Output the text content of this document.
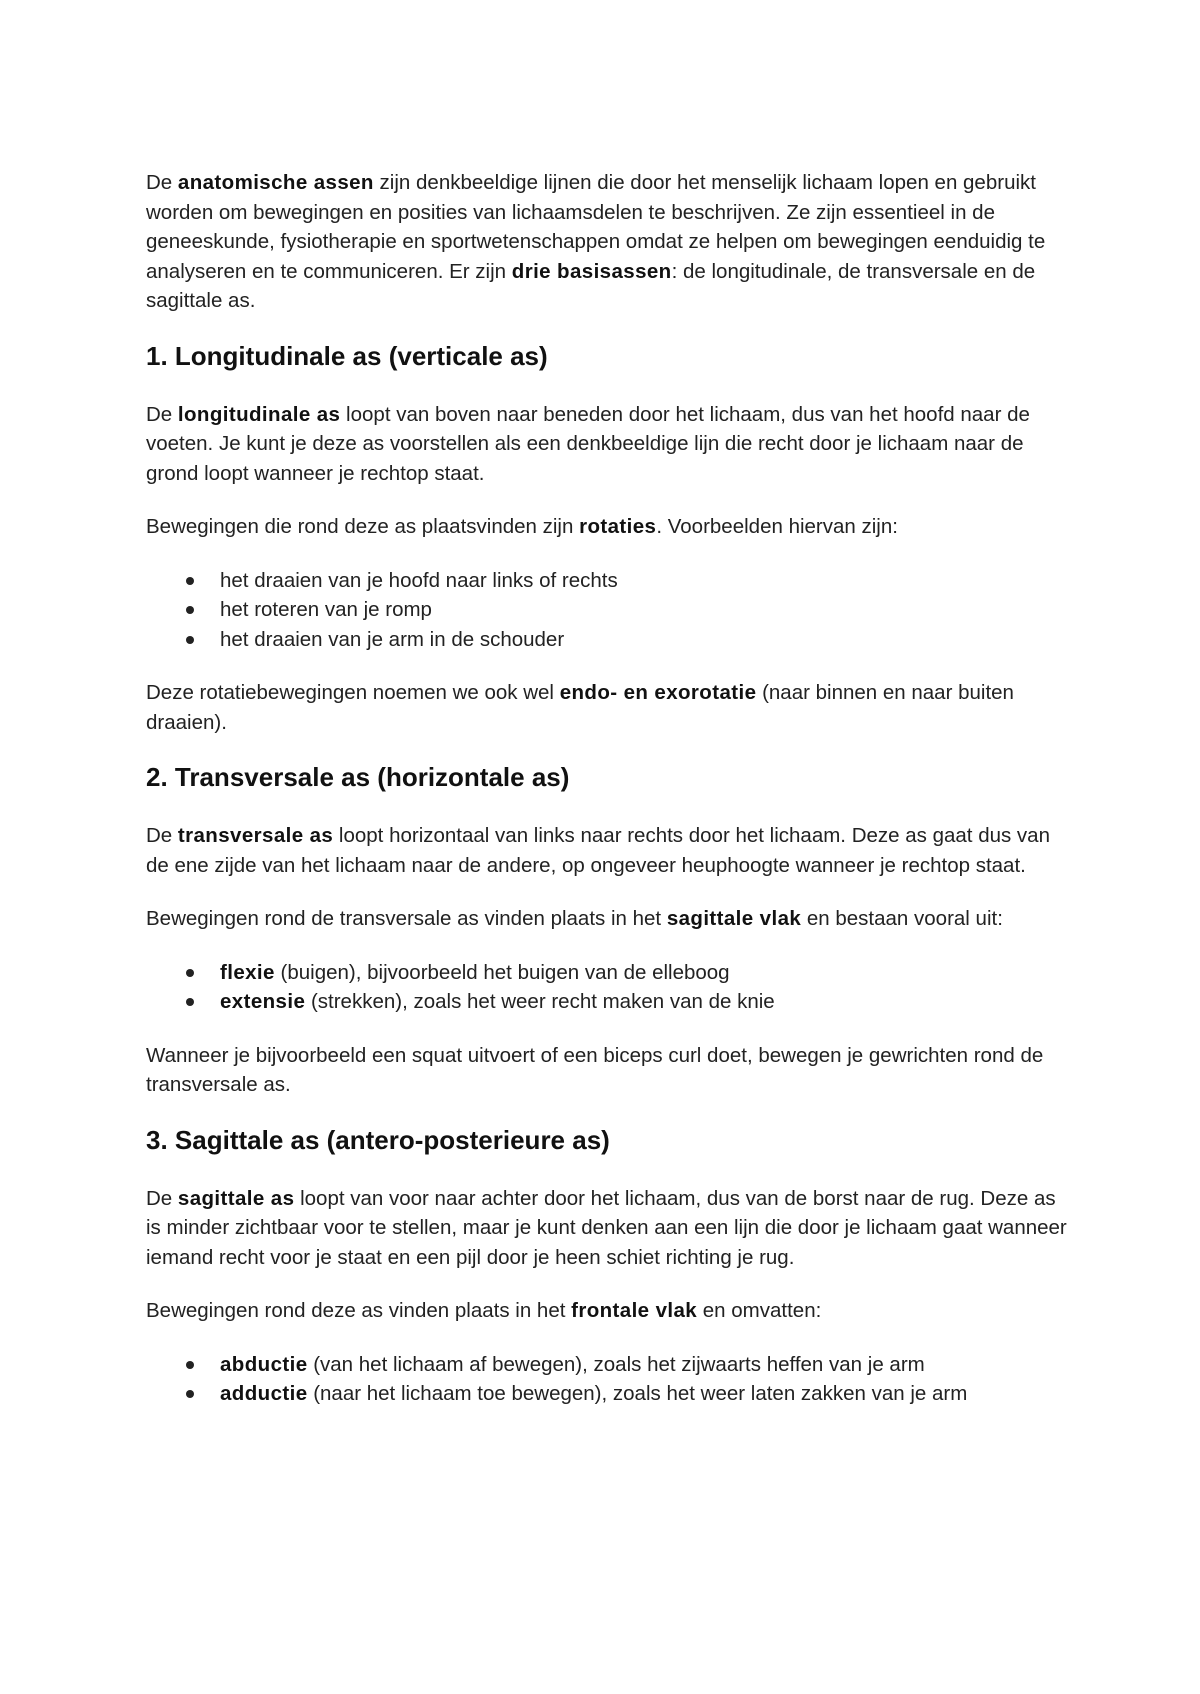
De anatomische assen zijn denkbeeldige lijnen die door het menselijk lichaam lopen en gebruikt worden om bewegingen en posities van lichaamsdelen te beschrijven. Ze zijn essentieel in de geneeskunde, fysiotherapie en sportwetenschappen omdat ze helpen om bewegingen eenduidig te analyseren en te communiceren. Er zijn drie basisassen: de longitudinale, de transversale en de sagittale as.

1. Longitudinale as (verticale as)

De longitudinale as loopt van boven naar beneden door het lichaam, dus van het hoofd naar de voeten. Je kunt je deze as voorstellen als een denkbeeldige lijn die recht door je lichaam naar de grond loopt wanneer je rechtop staat.

Bewegingen die rond deze as plaatsvinden zijn rotaties. Voorbeelden hiervan zijn:

het draaien van je hoofd naar links of rechts
het roteren van je romp
het draaien van je arm in de schouder

Deze rotatiebewegingen noemen we ook wel endo- en exorotatie (naar binnen en naar buiten draaien).

2. Transversale as (horizontale as)

De transversale as loopt horizontaal van links naar rechts door het lichaam. Deze as gaat dus van de ene zijde van het lichaam naar de andere, op ongeveer heuphoogte wanneer je rechtop staat.

Bewegingen rond de transversale as vinden plaats in het sagittale vlak en bestaan vooral uit:

flexie (buigen), bijvoorbeeld het buigen van de elleboog
extensie (strekken), zoals het weer recht maken van de knie

Wanneer je bijvoorbeeld een squat uitvoert of een biceps curl doet, bewegen je gewrichten rond de transversale as.

3. Sagittale as (antero-posterieure as)

De sagittale as loopt van voor naar achter door het lichaam, dus van de borst naar de rug. Deze as is minder zichtbaar voor te stellen, maar je kunt denken aan een lijn die door je lichaam gaat wanneer iemand recht voor je staat en een pijl door je heen schiet richting je rug.

Bewegingen rond deze as vinden plaats in het frontale vlak en omvatten:

abductie (van het lichaam af bewegen), zoals het zijwaarts heffen van je arm
adductie (naar het lichaam toe bewegen), zoals het weer laten zakken van je arm
